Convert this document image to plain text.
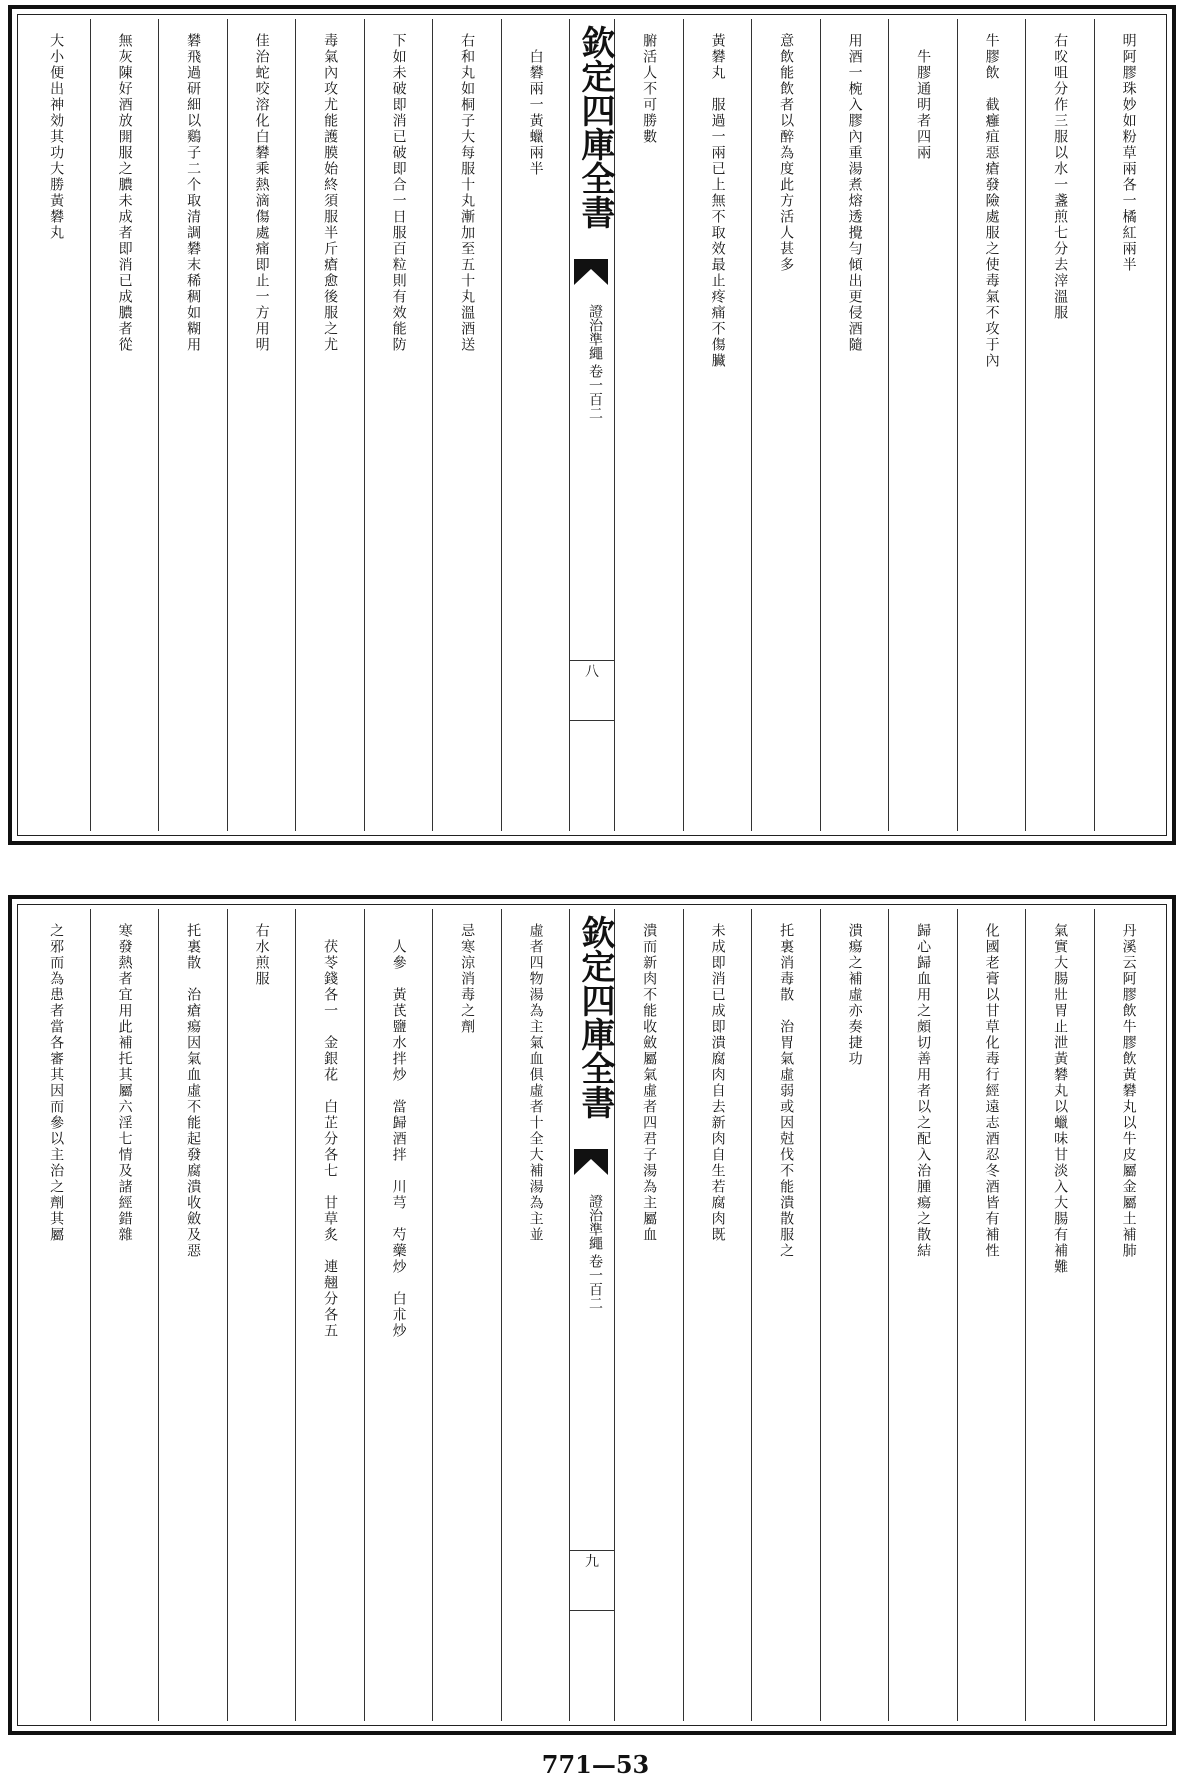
明阿膠珠妙如粉草兩各一橘紅兩半
右㕮咀分作三服以水一盞煎七分去滓溫服
牛膠飲　截癰疽惡瘡發險處服之使毒氣不攻于內
　牛膠通明者四兩
用酒一椀入膠內重湯煮熔透攪勻傾出更侵酒隨
意飲能飲者以醉為度此方活人甚多
黃礬丸　服過一兩已上無不取效最止疼痛不傷臟
腑活人不可勝數
欽定四庫全書
證治準繩
卷一百二
八
　白礬兩一黃蠟兩半
右和丸如桐子大每服十丸漸加至五十丸溫酒送
下如未破即消已破即合一日服百粒則有效能防
毒氣內攻尤能護膜始終須服半斤瘡愈後服之尤
佳治蛇咬溶化白礬乘熱滴傷處痛即止一方用明
礬飛過研細以鷄子二个取清調礬末稀稠如糊用
無灰陳好酒放開服之膿未成者即消已成膿者從
大小便出神効其功大勝黃礬丸
丹溪云阿膠飲牛膠飲黃礬丸以牛皮屬金屬土補肺
氣實大腸壯胃止泄黃礬丸以蠟味甘淡入大腸有補難
化國老膏以甘草化毒行經遠志酒忍冬酒皆有補性
歸心歸血用之頗切善用者以之配入治腫瘍之散結
潰瘍之補虛亦奏捷功
托裏消毒散　治胃氣虛弱或因尅伐不能潰散服之
未成即消已成即潰腐肉自去新肉自生若腐肉既
潰而新肉不能收斂屬氣虛者四君子湯為主屬血
欽定四庫全書
證治準繩
卷一百二
九
虛者四物湯為主氣血俱虛者十全大補湯為主並
忌寒涼消毒之劑
　人參　黃芪鹽水拌炒　當歸酒拌　川芎　芍藥炒　白朮炒
　茯苓錢各一　金銀花　白芷分各七　甘草炙　連翹分各五
右水煎服
托裏散　治瘡瘍因氣血虛不能起發腐潰收斂及惡
寒發熱者宜用此補托其屬六淫七情及諸經錯雜
之邪而為患者當各審其因而參以主治之劑其屬
771—53
